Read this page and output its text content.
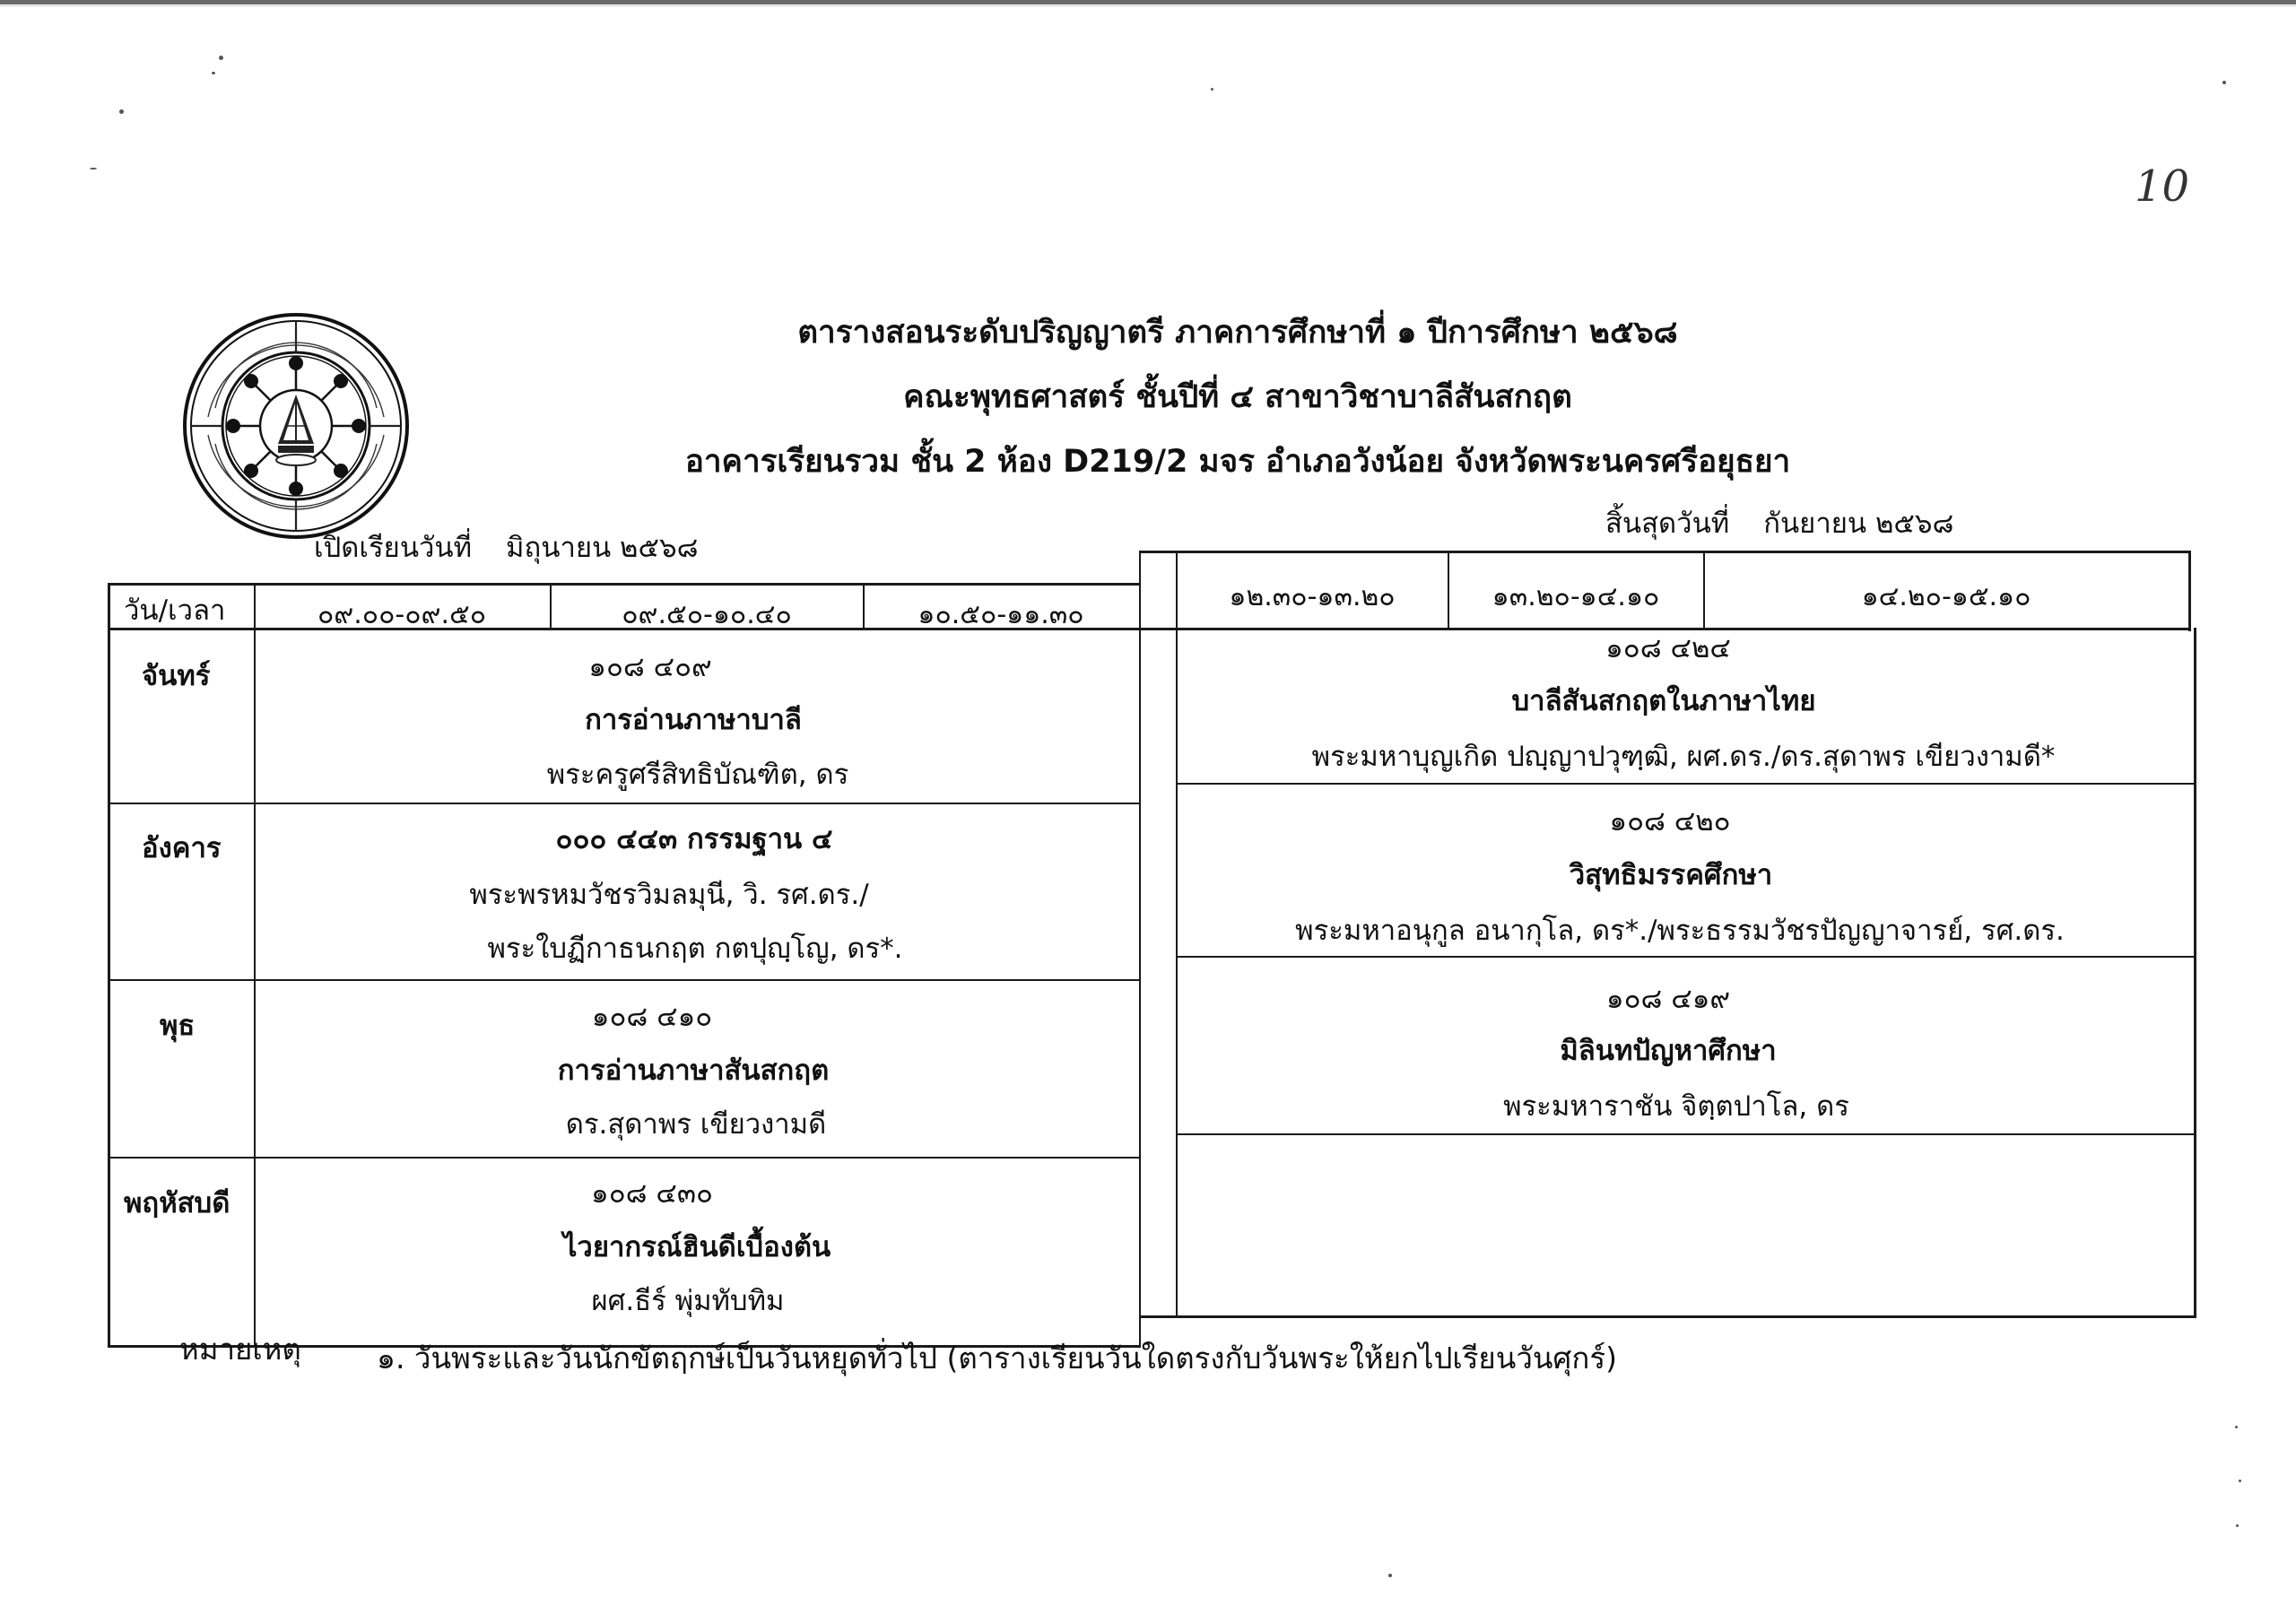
10
ตารางสอนระดับปริญญาตรี ภาคการศึกษาที่ ๑ ปีการศึกษา ๒๕๖๘
คณะพุทธศาสตร์ ชั้นปีที่ ๔ สาขาวิชาบาลีสันสกฤต
อาคารเรียนรวม ชั้น 2 ห้อง D219/2 มจร อำเภอวังน้อย จังหวัดพระนครศรีอยุธยา
เปิดเรียนวันที่ มิถุนายน ๒๕๖๘
สิ้นสุดวันที่ กันยายน ๒๕๖๘
วัน/เวลา	๐๙.๐๐-๐๙.๕๐	๐๙.๕๐-๑๐.๔๐	๑๐.๕๐-๑๑.๓๐
๑๒.๓๐-๑๓.๒๐	๑๓.๒๐-๑๔.๑๐	๑๔.๒๐-๑๕.๑๐
จันทร์	๑๐๘ ๔๐๙
การอ่านภาษาบาลี
พระครูศรีสิทธิบัณฑิต, ดร
๑๐๘ ๔๒๔
บาลีสันสกฤตในภาษาไทย
พระมหาบุญเกิด ปญฺญาปวุฑฺฒิ, ผศ.ดร./ดร.สุดาพร เขียวงามดี*
อังคาร	๐๐๐ ๔๔๓ กรรมฐาน ๔
พระพรหมวัชรวิมลมุนี, วิ. รศ.ดร./
พระใบฏีกาธนกฤต กตปุญฺโญ, ดร*.
๑๐๘ ๔๒๐
วิสุทธิมรรคศึกษา
พระมหาอนุกูล อนากุโล, ดร*./พระธรรมวัชรปัญญาจารย์, รศ.ดร.
พุธ	๑๐๘ ๔๑๐
การอ่านภาษาสันสกฤต
ดร.สุดาพร เขียวงามดี
๑๐๘ ๔๑๙
มิลินทปัญหาศึกษา
พระมหาราชัน จิตฺตปาโล, ดร
พฤหัสบดี	๑๐๘ ๔๓๐
ไวยากรณ์ฮินดีเบื้องต้น
ผศ.ธีร์ พุ่มทับทิม
หมายเหตุ	๑. วันพระและวันนักขัตฤกษ์เป็นวันหยุดทั่วไป (ตารางเรียนวันใดตรงกับวันพระให้ยกไปเรียนวันศุกร์)
